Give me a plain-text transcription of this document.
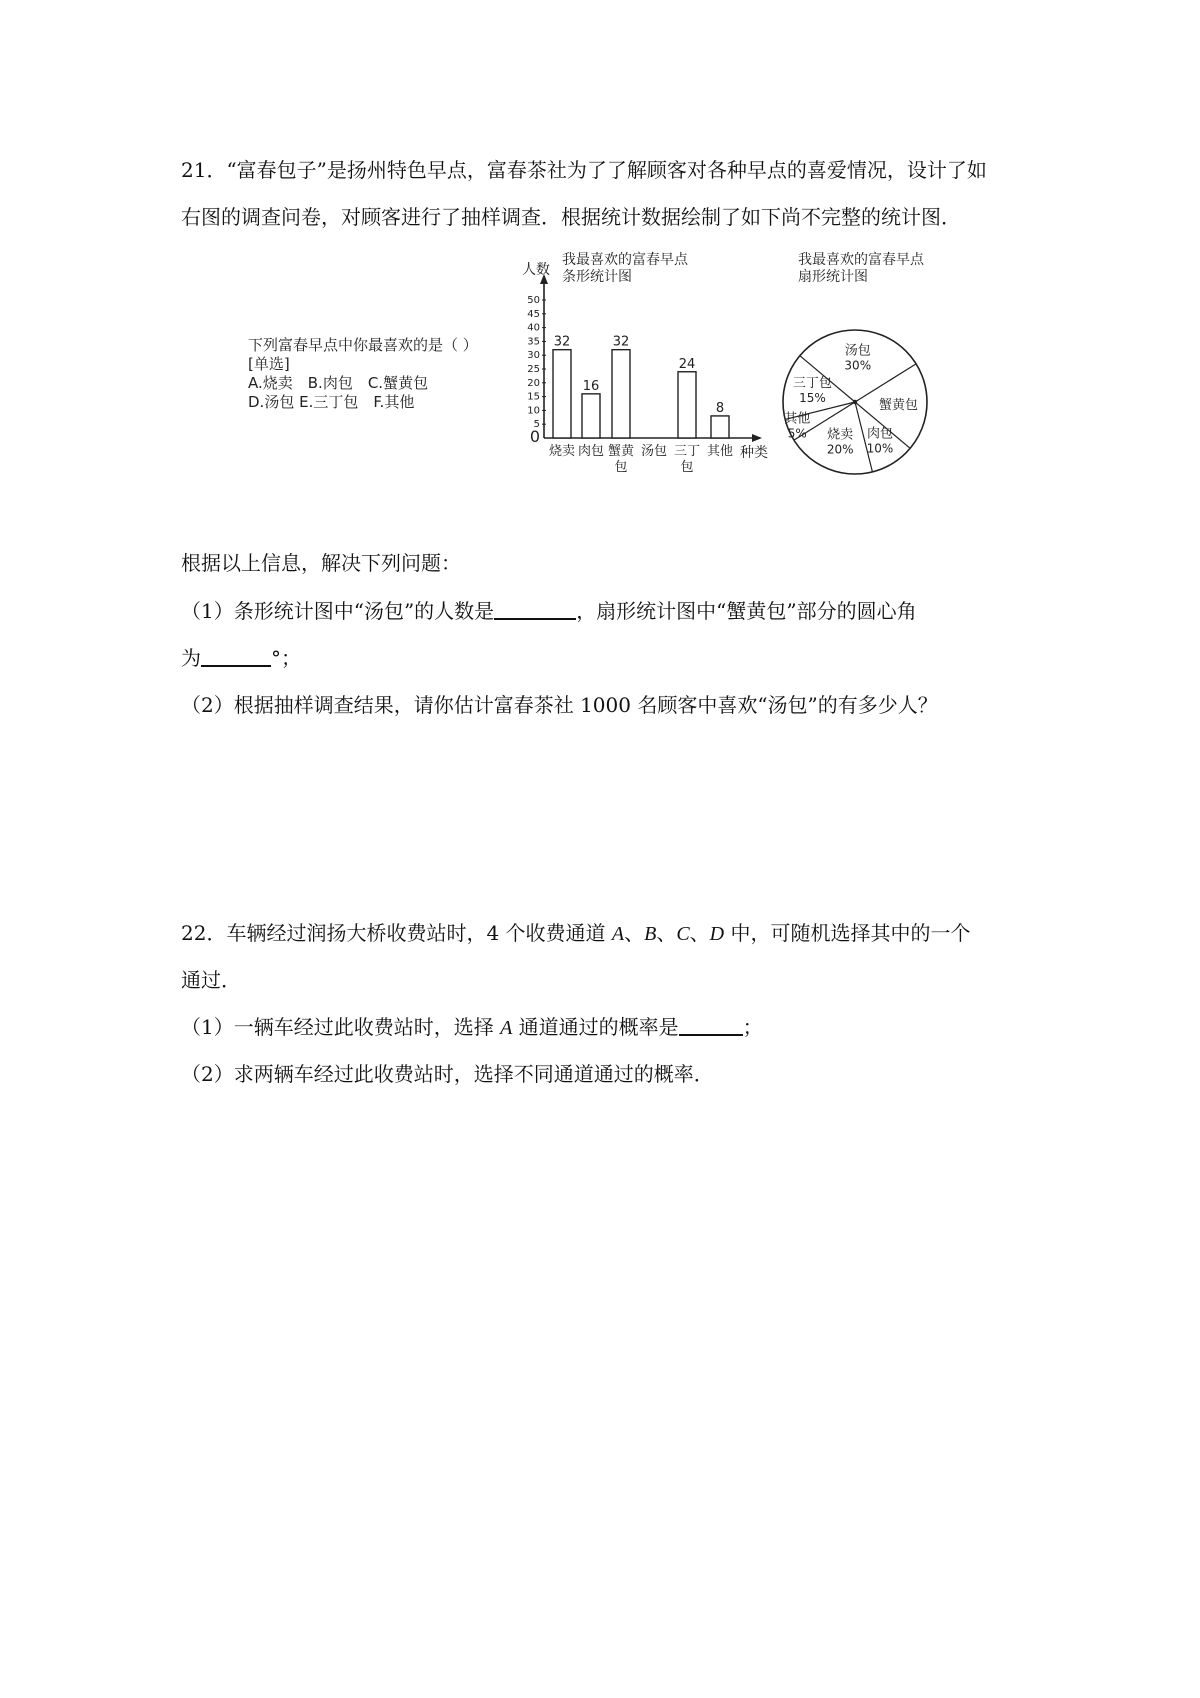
21．“富春包子”是扬州特色早点，富春茶社为了了解顾客对各种早点的喜爱情况，设计了如
右图的调查问卷，对顾客进行了抽样调查．根据统计数据绘制了如下尚不完整的统计图．
下列富春早点中你最喜欢的是（ ）
[单选]
A.烧卖　B.肉包　C.蟹黄包
D.汤包 E.三丁包　F.其他
我最喜欢的富春早点
条形统计图
我最喜欢的富春早点
扇形统计图
人数
种类
0
5
10
15
20
25
30
35
40
45
50
32
烧卖
16
肉包
32
蟹黄
包
汤包
24
三丁
包
8
其他
汤包
30%
蟹黄包
肉包
10%
烧卖
20%
其他
5%
三丁包
15%
根据以上信息，解决下列问题：
（1）条形统计图中“汤包”的人数是	，扇形统计图中“蟹黄包”部分的圆心角
为	°；
（2）根据抽样调查结果，请你估计富春茶社 1000 名顾客中喜欢“汤包”的有多少人？
22．车辆经过润扬大桥收费站时，4 个收费通道 A、B、C、D 中，可随机选择其中的一个
通过．
（1）一辆车经过此收费站时，选择 A 通道通过的概率是	；
（2）求两辆车经过此收费站时，选择不同通道通过的概率．
